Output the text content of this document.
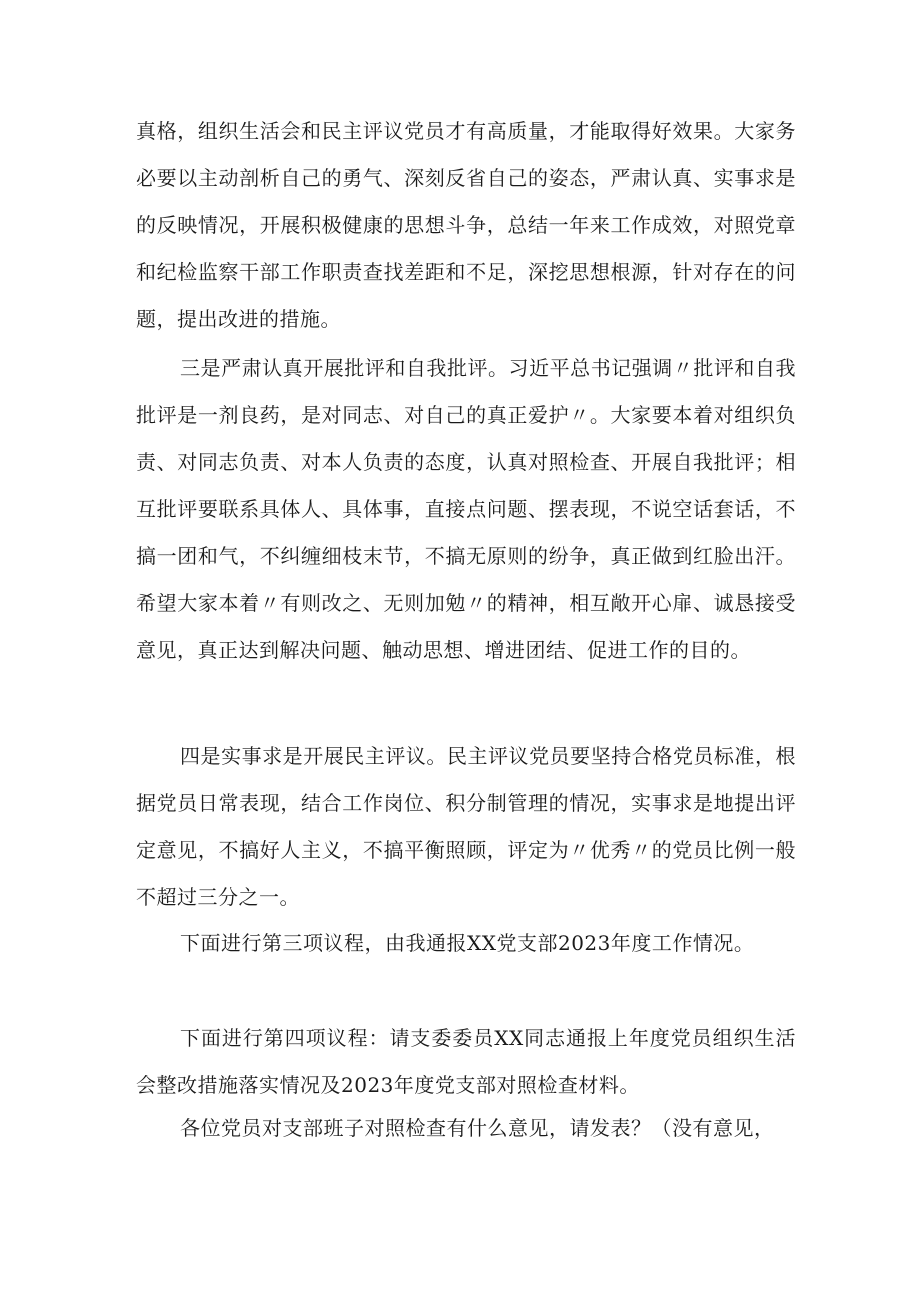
真格，组织生活会和民主评议党员才有高质量，才能取得好效果。大家务必要以主动剖析自己的勇气、深刻反省自己的姿态，严肃认真、实事求是的反映情况，开展积极健康的思想斗争，总结一年来工作成效，对照党章和纪检监察干部工作职责查找差距和不足，深挖思想根源，针对存在的问题，提出改进的措施。

三是严肃认真开展批评和自我批评。习近平总书记强调〃批评和自我批评是一剂良药，是对同志、对自己的真正爱护〃。大家要本着对组织负责、对同志负责、对本人负责的态度，认真对照检查、开展自我批评；相互批评要联系具体人、具体事，直接点问题、摆表现，不说空话套话，不搞一团和气，不纠缠细枝末节，不搞无原则的纷争，真正做到红脸出汗。希望大家本着〃有则改之、无则加勉〃的精神，相互敞开心扉、诚恳接受意见，真正达到解决问题、触动思想、增进团结、促进工作的目的。

四是实事求是开展民主评议。民主评议党员要坚持合格党员标准，根据党员日常表现，结合工作岗位、积分制管理的情况，实事求是地提出评定意见，不搞好人主义，不搞平衡照顾，评定为〃优秀〃的党员比例一般不超过三分之一。

下面进行第三项议程，由我通报XX党支部2023年度工作情况。

下面进行第四项议程：请支委委员XX同志通报上年度党员组织生活会整改措施落实情况及2023年度党支部对照检查材料。

各位党员对支部班子对照检查有什么意见，请发表？（没有意见，
